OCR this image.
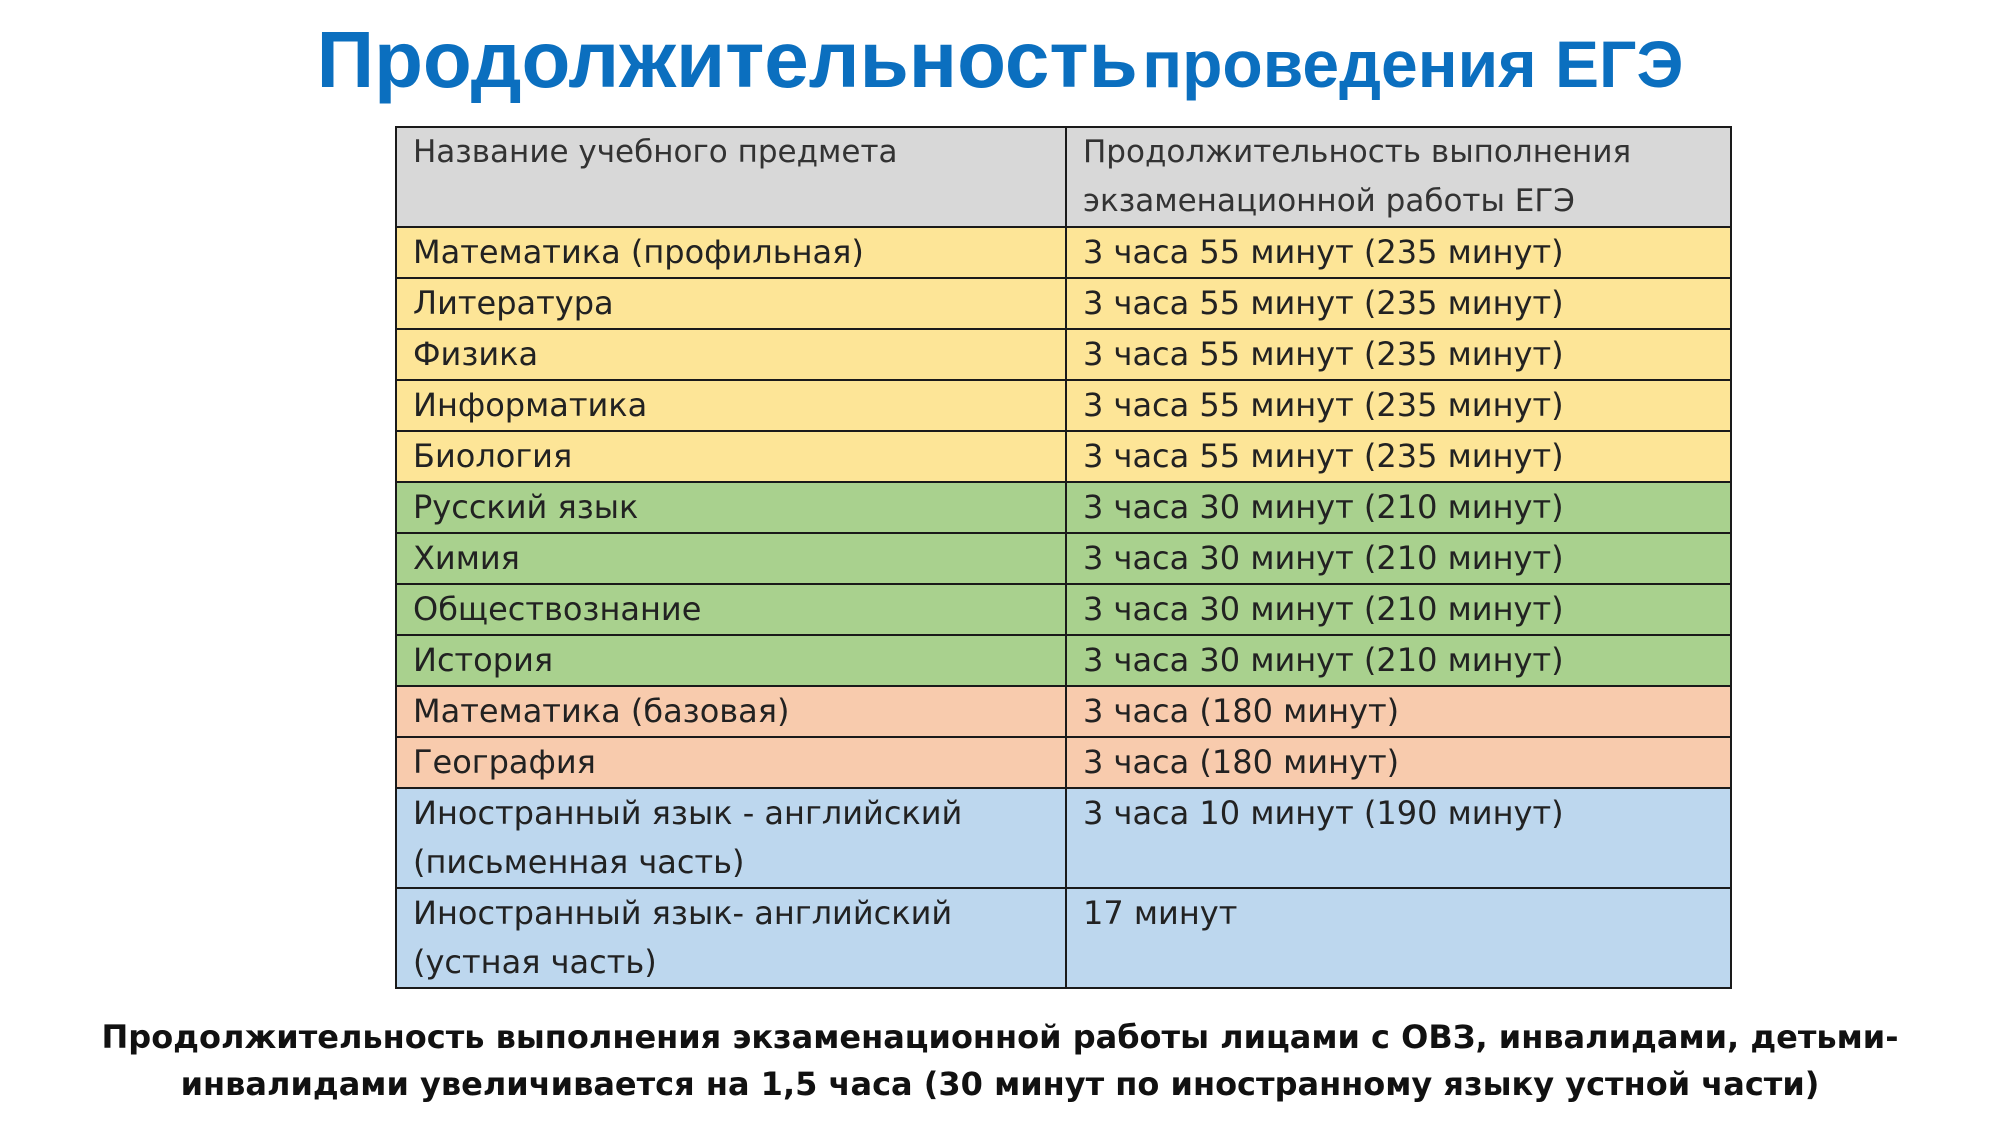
Продолжительность проведения ЕГЭ
Название учебного предмета	Продолжительность выполнения экзаменационной работы ЕГЭ
Математика (профильная)	3 часа 55 минут (235 минут)
Литература	3 часа 55 минут (235 минут)
Физика	3 часа 55 минут (235 минут)
Информатика	3 часа 55 минут (235 минут)
Биология	3 часа 55 минут (235 минут)
Русский язык	3 часа 30 минут (210 минут)
Химия	3 часа 30 минут (210 минут)
Обществознание	3 часа 30 минут (210 минут)
История	3 часа 30 минут (210 минут)
Математика (базовая)	3 часа (180 минут)
География	3 часа (180 минут)
Иностранный язык - английский (письменная часть)	3 часа 10 минут (190 минут)
Иностранный язык- английский (устная часть)	17 минут
Продолжительность выполнения экзаменационной работы лицами с ОВЗ, инвалидами, детьми-
инвалидами увеличивается на 1,5 часа (30 минут по иностранному языку устной части)
